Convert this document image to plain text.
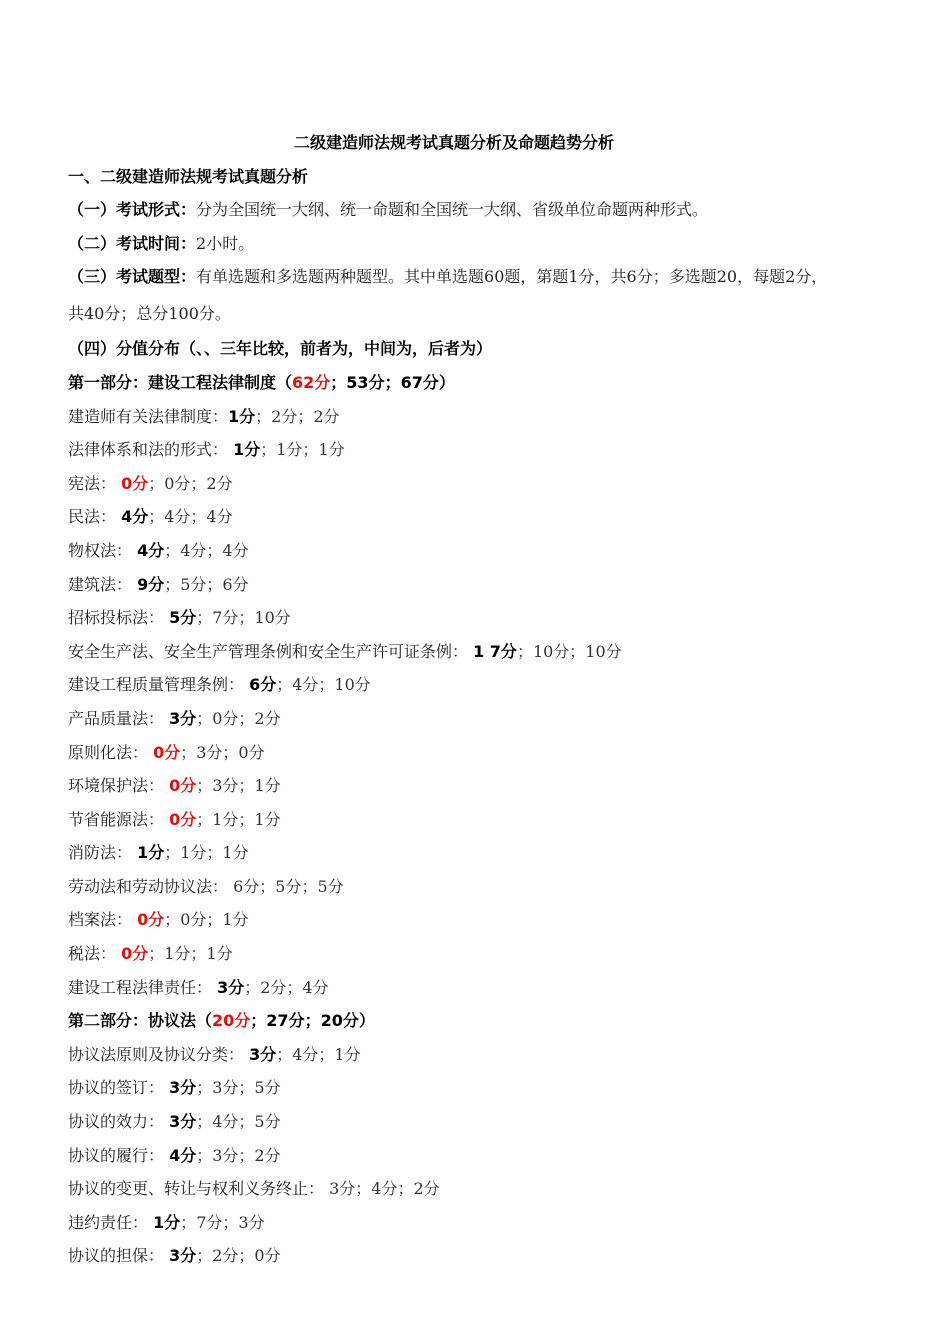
二级建造师法规考试真题分析及命题趋势分析
一、二级建造师法规考试真题分析
（一）考试形式：分为全国统一大纲、统一命题和全国统一大纲、省级单位命题两种形式。
（二）考试时间：2小时。
（三）考试题型：有单选题和多选题两种题型。其中单选题60题，第题1分，共6分；多选题20，每题2分，共40分；总分100分。
（四）分值分布（、、三年比较，前者为，中间为，后者为）
第一部分：建设工程法律制度（62分；53分；67分）
建造师有关法律制度：1分；2分；2分
法律体系和法的形式： 1分；1分；1分
宪法： 0分；0分；2分
民法： 4分；4分；4分
物权法： 4分；4分；4分
建筑法： 9分；5分；6分
招标投标法： 5分；7分；10分
安全生产法、安全生产管理条例和安全生产许可证条例： 1 7分；10分；10分
建设工程质量管理条例： 6分；4分；10分
产品质量法： 3分；0分；2分
原则化法： 0分；3分；0分
环境保护法： 0分；3分；1分
节省能源法： 0分；1分；1分
消防法： 1分；1分；1分
劳动法和劳动协议法： 6分；5分；5分
档案法： 0分；0分；1分
税法： 0分；1分；1分
建设工程法律责任： 3分；2分；4分
第二部分：协议法（20分；27分；20分）
协议法原则及协议分类： 3分；4分；1分
协议的签订： 3分；3分；5分
协议的效力： 3分；4分；5分
协议的履行： 4分；3分；2分
协议的变更、转让与权利义务终止： 3分；4分；2分
违约责任： 1分；7分；3分
协议的担保： 3分；2分；0分
